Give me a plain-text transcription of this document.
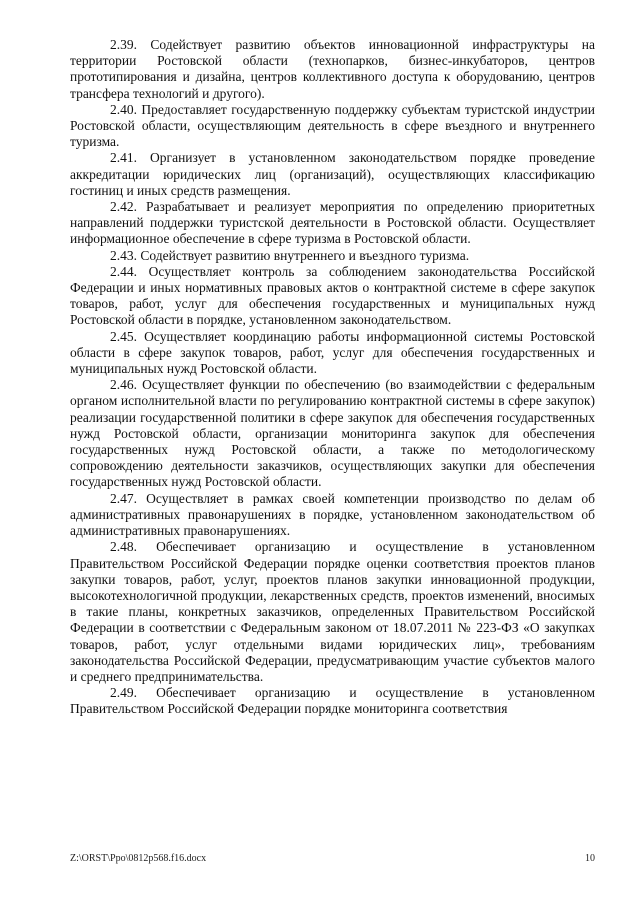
2.39. Содействует развитию объектов инновационной инфраструктуры на территории Ростовской области (технопарков, бизнес-инкубаторов, центров прототипирования и дизайна, центров коллективного доступа к оборудованию, центров трансфера технологий и другого).

2.40. Предоставляет государственную поддержку субъектам туристской индустрии Ростовской области, осуществляющим деятельность в сфере въездного и внутреннего туризма.

2.41. Организует в установленном законодательством порядке проведение аккредитации юридических лиц (организаций), осуществляющих классификацию гостиниц и иных средств размещения.

2.42. Разрабатывает и реализует мероприятия по определению приоритетных направлений поддержки туристской деятельности в Ростовской области. Осуществляет информационное обеспечение в сфере туризма в Ростовской области.

2.43. Содействует развитию внутреннего и въездного туризма.

2.44. Осуществляет контроль за соблюдением законодательства Российской Федерации и иных нормативных правовых актов о контрактной системе в сфере закупок товаров, работ, услуг для обеспечения государственных и муниципальных нужд Ростовской области в порядке, установленном законодательством.

2.45. Осуществляет координацию работы информационной системы Ростовской области в сфере закупок товаров, работ, услуг для обеспечения государственных и муниципальных нужд Ростовской области.

2.46. Осуществляет функции по обеспечению (во взаимодействии с федеральным органом исполнительной власти по регулированию контрактной системы в сфере закупок) реализации государственной политики в сфере закупок для обеспечения государственных нужд Ростовской области, организации мониторинга закупок для обеспечения государственных нужд Ростовской области, а также по методологическому сопровождению деятельности заказчиков, осуществляющих закупки для обеспечения государственных нужд Ростовской области.

2.47. Осуществляет в рамках своей компетенции производство по делам об административных правонарушениях в порядке, установленном законодательством об административных правонарушениях.

2.48. Обеспечивает организацию и осуществление в установленном Правительством Российской Федерации порядке оценки соответствия проектов планов закупки товаров, работ, услуг, проектов планов закупки инновационной продукции, высокотехнологичной продукции, лекарственных средств, проектов изменений, вносимых в такие планы, конкретных заказчиков, определенных Правительством Российской Федерации в соответствии с Федеральным законом от 18.07.2011 № 223-ФЗ «О закупках товаров, работ, услуг отдельными видами юридических лиц», требованиям законодательства Российской Федерации, предусматривающим участие субъектов малого и среднего предпринимательства.

2.49. Обеспечивает организацию и осуществление в установленном Правительством Российской Федерации порядке мониторинга соответствия

Z:\ORST\Ppo\0812p568.f16.docx	10
